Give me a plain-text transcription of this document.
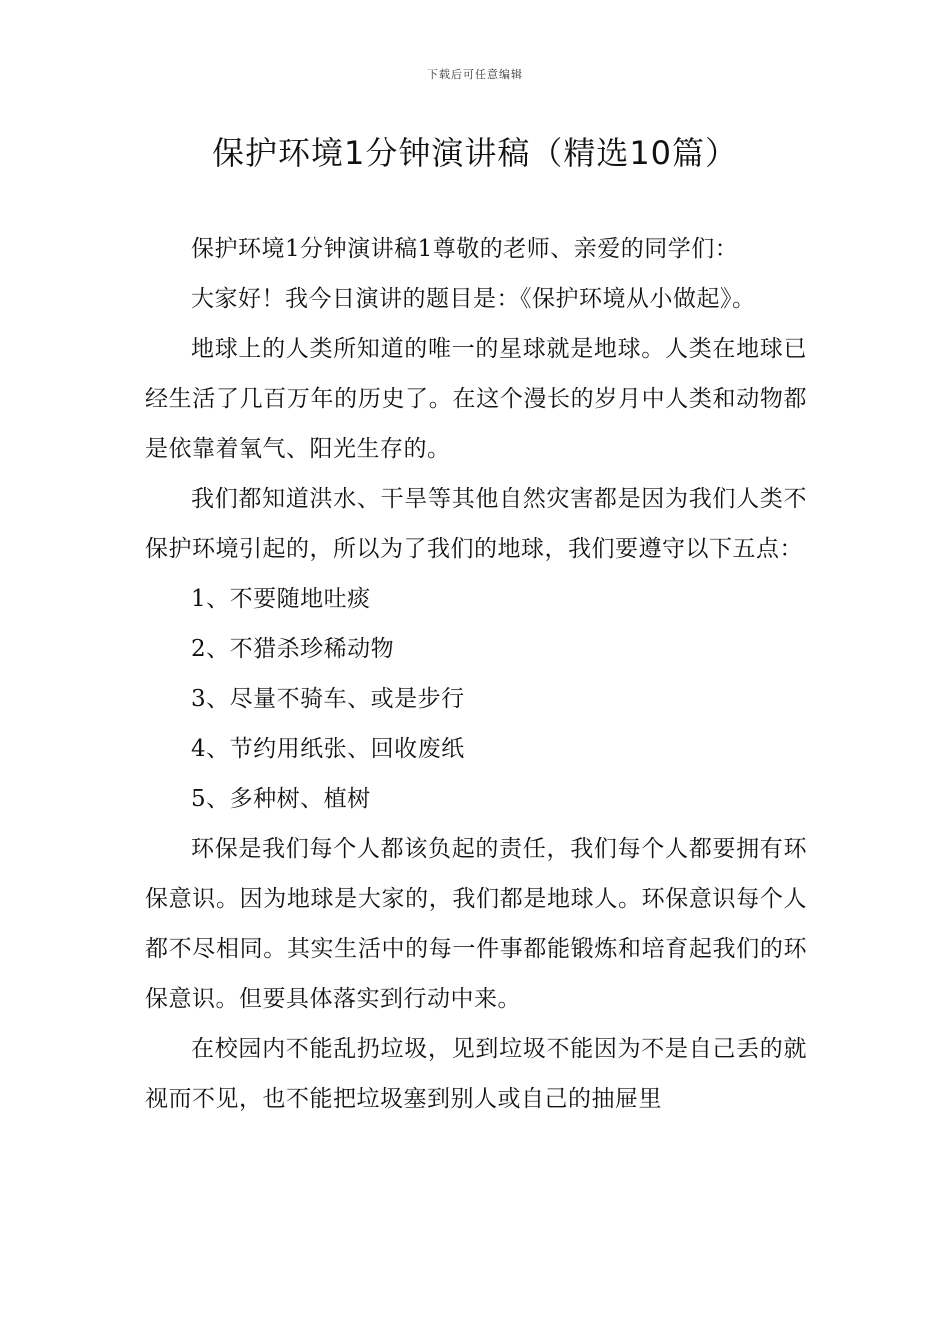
下载后可任意编辑
保护环境1分钟演讲稿（精选10篇）

保护环境1分钟演讲稿1尊敬的老师、亲爱的同学们：

大家好！我今日演讲的题目是：《保护环境从小做起》。

地球上的人类所知道的唯一的星球就是地球。人类在地球已经生活了几百万年的历史了。在这个漫长的岁月中人类和动物都是依靠着氧气、阳光生存的。

我们都知道洪水、干旱等其他自然灾害都是因为我们人类不保护环境引起的，所以为了我们的地球，我们要遵守以下五点：

1、不要随地吐痰

2、不猎杀珍稀动物

3、尽量不骑车、或是步行

4、节约用纸张、回收废纸

5、多种树、植树

环保是我们每个人都该负起的责任，我们每个人都要拥有环保意识。因为地球是大家的，我们都是地球人。环保意识每个人都不尽相同。其实生活中的每一件事都能锻炼和培育起我们的环保意识。但要具体落实到行动中来。

在校园内不能乱扔垃圾，见到垃圾不能因为不是自己丢的就视而不见，也不能把垃圾塞到别人或自己的抽屉里
